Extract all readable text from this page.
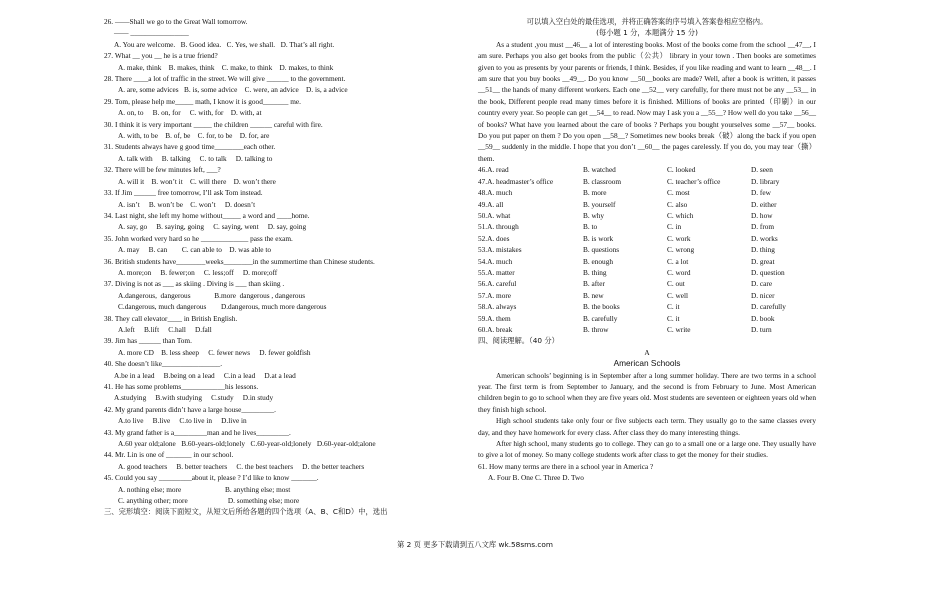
26. ——Shall we go to the Great Wall tomorrow.
—— ________________
A. You are welcome.   B. Good idea.   C. Yes, we shall.   D. That’s all right.
27. What __ you __ he is a true friend?
A. make, think    B. makes, think    C. make, to think    D. makes, to think
28. There ____a lot of traffic in the street. We will give ______ to the government.
A. are, some advices   B. is, some advice    C. were, an advice    D. is, a advice
29. Tom, please help me_____ math, I know it is good_______ me.
A. on, to     B. on, for     C. with, for    D. with, at
30. I think it is very important _____ the children ______ careful with fire.
A. with, to be    B. of, be    C. for, to be    D. for, are
31. Students always have g good time________each other.
A. talk with     B. talking     C. to talk     D. talking to
32. There will be few minutes left, ___?
A. will it    B. won’t it    C. will there    D. won’t there
33. If Jim ______ free tomorrow, I’ll ask Tom instead.
A. isn’t     B. won’t be    C. won’t     D. doesn’t
34. Last night, she left my home without_____ a word and ____home.
A. say, go     B. saying, going     C. saying, went     D. say, going
35. John worked very hard so he _____________ pass the exam.
A. may     B. can        C. can able to    D. was able to
36. British students have________weeks________in the summertime than Chinese students.
A. more;on     B. fewer;on     C. less;off     D. more;off
37. Diving is not as ___ as skiing . Diving is ___ than skiing .
A.dangerous,  dangerous             B.more  dangerous , dangerous
C.dangerous, much dangerous        D.dangerous, much more dangerous
38. They call elevator____ in British English.
A.left     B.lift     C.hall     D.fall
39. Jim has ______ than Tom.
A. more CD    B. less sheep     C. fewer news     D. fewer goldfish
40. She doesn’t like________________.
A.be in a lead     B.being on a lead     C.in a lead     D.at a lead
41. He has some problems____________his lessons.
A.studying     B.with studying     C.study     D.in study
42. My grand parents didn’t have a large house_________.
A.to live     B.live     C.to live in     D.live in
43. My grand father is a_________man and he lives_________.
A.60 year old;alone   B.60-years-old;lonely   C.60-year-old;lonely   D.60-year-old;alone
44. Mr. Lin is one of _______ in our school.
A. good teachers     B. better teachers     C. the best teachers     D. the better teachers
45. Could you say _________about it, please ? I’d like to know _______.
A. nothing else; more                        B. anything else; most
C. anything other; more                      D. something else; more
三、完形填空：阅读下面短文，从短文后所给各题的四个选项（A、B、C和D）中，选出
可以填入空白处的最佳选项，并将正确答案的序号填入答案卷相应空格内。
(每小题 1 分，本题满分 15 分)
As a student ,you must __46__ a lot of interesting books. Most of the books come from the school __47__, I am sure. Perhaps you also get books from the public（公共） library in your town . Then books are sometimes given to you as presents by your parents or friends, I think. Besides, if you like reading and want to learn __48__. I am sure that you buy books __49__. Do you know __50__books are made? Well, after a book is written, it passes __51__ the hands of many different workers. Each one __52__ very carefully, for there must not be any __53__ in the book, Different people read many times before it is finished. Millions of books are printed（印刷）in our country every year. So people can get __54__ to read. Now may I ask you a __55__? How well do you take __56__ of books? What have you learned about the care of books ? Perhaps you bought yourselves some __57__ books. Do you put paper on them ? Do you open __58__? Sometimes new books break（破）along the back if you open __59__ suddenly in the middle. I hope that you don’t __60__ the pages carelessly. If you do, you may tear（撕）them.
46.A. read	B. watched	C. looked	D. seen
47.A. headmaster’s office	B. classroom	C. teacher’s office	D. library
48.A. much	B. more	C. most	D. few
49.A. all	B. yourself	C. also	D. either
50.A. what	B. why	C. which	D. how
51.A. through	B. to	C. in	D. from
52.A. does	B. is work	C. work	D. works
53.A. mistakes	B. questions	C. wrong	D. thing
54.A. much	B. enough	C. a lot	D. great
55.A. matter	B. thing	C. word	D. question
56.A. careful	B. after	C. out	D. care
57.A. more	B. new	C. well	D. nicer
58.A. always	B. the books	C. it	D. carefully
59.A. them	B. carefully	C. it	D. book
60.A. break	B. throw	C. write	D. turn
四、阅读理解。（40 分）
A
American Schools
American schools’ beginning is in September after a long summer holiday. There are two terms in a school year. The first term is from September to January, and the second is from February to June. Most American children begin to go to school when they are five years old. Most students are seventeen or eighteen years old when they finish high school.
High school students take only four or five subjects each term. They usually go to the same classes every day, and they have homework for every class. After class they do many interesting things.
After high school, many students go to college. They can go to a small one or a large one. They usually have to give a lot of money. So many college students work after class to get the money for their studies.
61. How many terms are there in a school year in America ?
A. Four B. One C. Three D. Two
第 2 页 更多下载请到五八文库 wk.58sms.com
